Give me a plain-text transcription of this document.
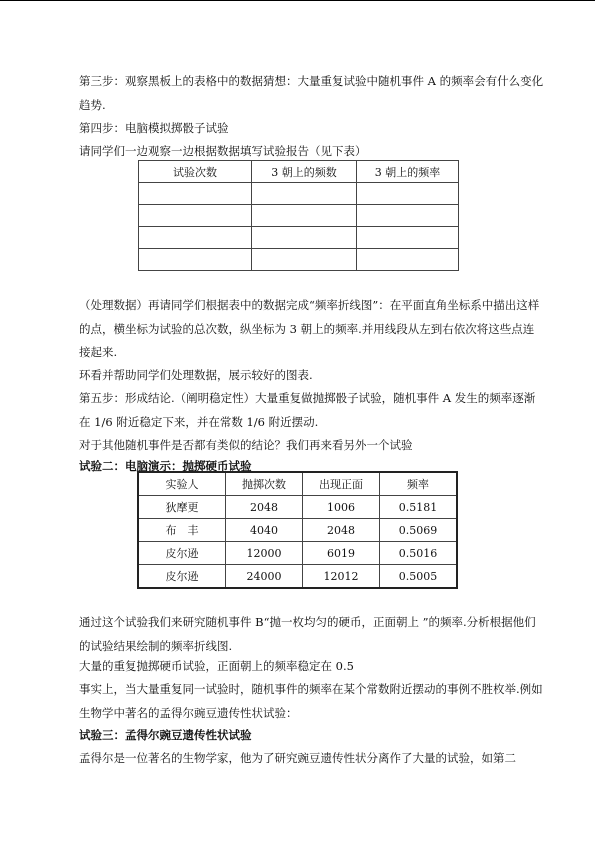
第三步：观察黑板上的表格中的数据猜想：大量重复试验中随机事件 A 的频率会有什么变化趋势.

第四步：电脑模拟掷骰子试验

请同学们一边观察一边根据数据填写试验报告（见下表）

试验次数	3 朝上的频数	3 朝上的频率

（处理数据）再请同学们根据表中的数据完成“频率折线图”：在平面直角坐标系中描出这样的点，横坐标为试验的总次数，纵坐标为 3 朝上的频率.并用线段从左到右依次将这些点连接起来.

环看并帮助同学们处理数据，展示较好的图表.

第五步：形成结论.（阐明稳定性）大量重复做抛掷骰子试验，随机事件 A 发生的频率逐渐在 1/6 附近稳定下来，并在常数 1/6 附近摆动.

对于其他随机事件是否都有类似的结论？我们再来看另外一个试验

试验二：电脑演示：抛掷硬币试验

实验人	抛掷次数	出现正面	频率
狄摩更	2048	1006	0.5181
布　丰	4040	2048	0.5069
皮尔逊	12000	6019	0.5016
皮尔逊	24000	12012	0.5005

通过这个试验我们来研究随机事件 B“抛一枚均匀的硬币，正面朝上 ”的频率.分析根据他们的试验结果绘制的频率折线图.

大量的重复抛掷硬币试验，正面朝上的频率稳定在 0.5

事实上，当大量重复同一试验时，随机事件的频率在某个常数附近摆动的事例不胜枚举.例如生物学中著名的孟得尔豌豆遗传性状试验：

试验三：孟得尔豌豆遗传性状试验

孟得尔是一位著名的生物学家，他为了研究豌豆遗传性状分离作了大量的试验，如第二
